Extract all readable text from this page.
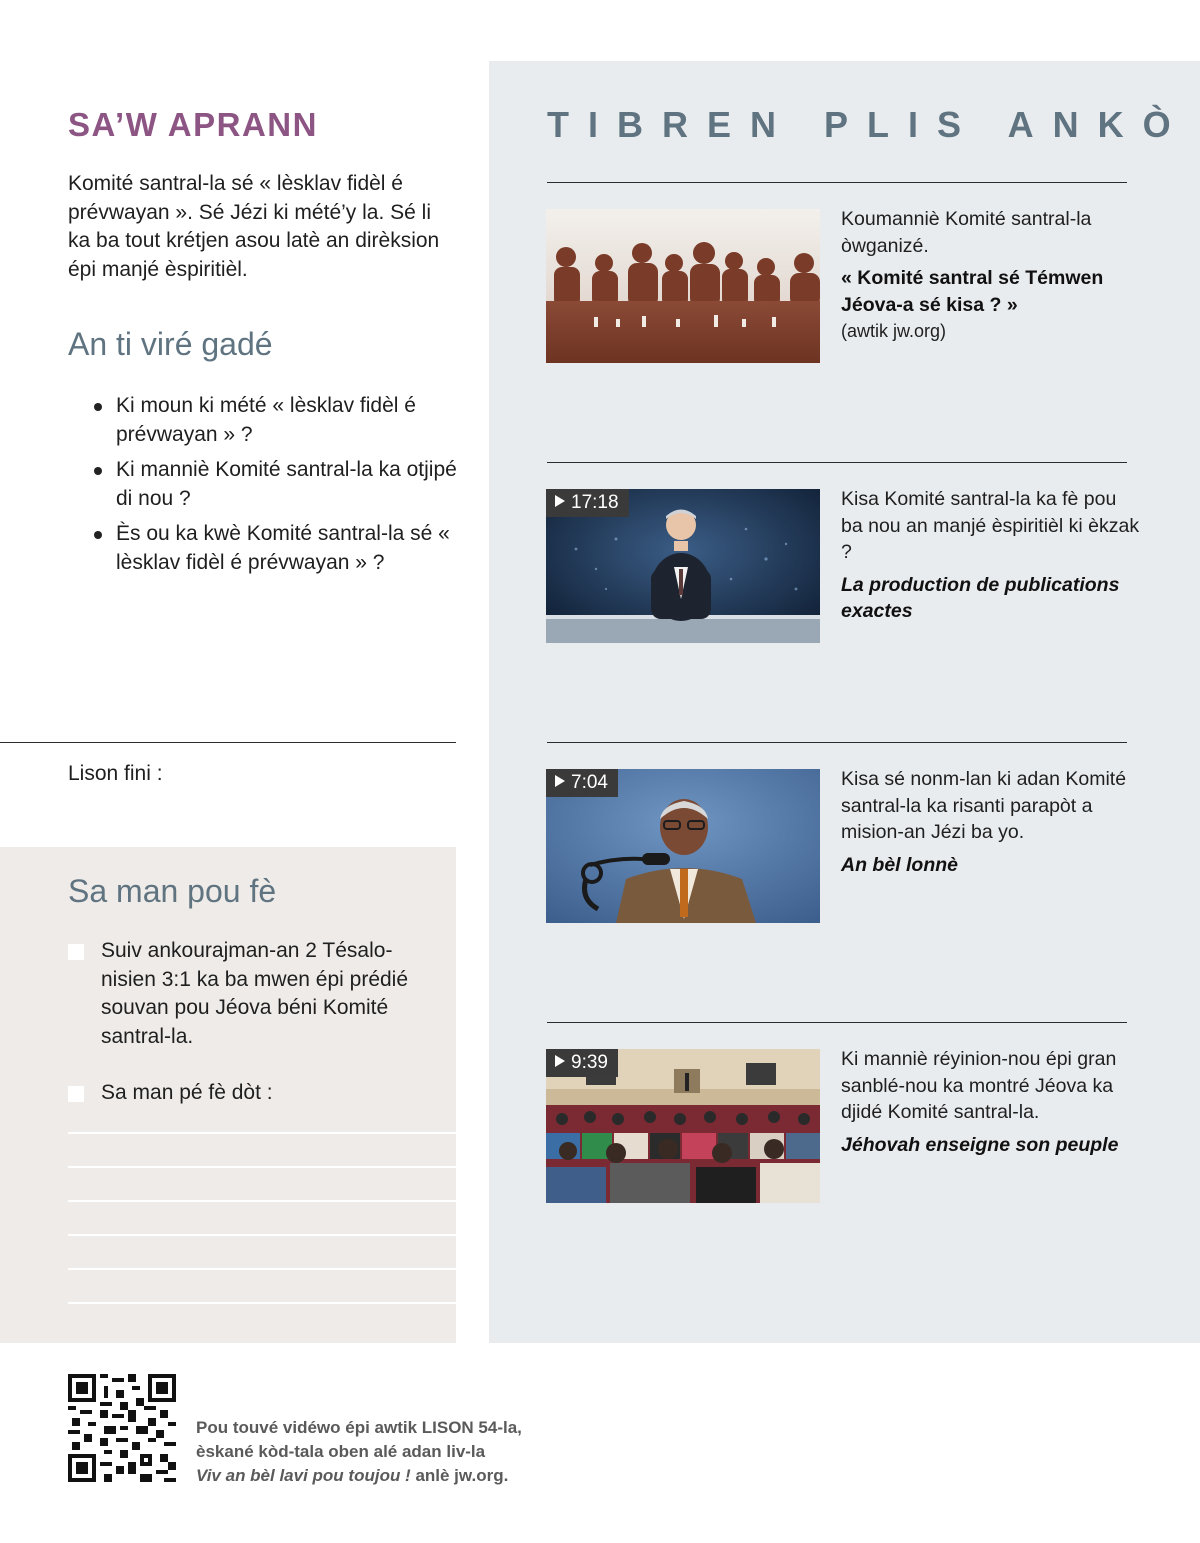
TIBREN PLIS ANKÒ
Koumanniè Komité santral-la òwganizé.
« Komité santral sé Témwen Jéova-a sé kisa ? »
(awtik jw.org)
17:18	Kisa Komité santral-la ka fè pou ba nou an manjé èspiritièl ki èkzak ?
La production de publications exactes
7:04	Kisa sé nonm-lan ki adan Komité santral-la ka risanti parapòt a mision-an Jézi ba yo.
An bèl lonnè
9:39	Ki manniè réyinion-nou épi gran sanblé-nou ka montré Jéova ka djidé Komité santral-la.
Jéhovah enseigne son peuple
SA’W APRANN
Komité santral-la sé « lèsklav fidèl é prévwayan ». Sé Jézi ki mété’y la. Sé li ka ba tout krétjen asou latè an dirèksion épi manjé èspiritièl.
An ti viré gadé
Ki moun ki mété « lèsklav fidèl é prévwayan » ?
Ki manniè Komité santral-la ka otjipé di nou ?
Ès ou ka kwè Komité santral-la sé « lèsklav fidèl é prévwayan » ?
Lison fini :
Sa man pou fè
Suiv ankourajman-an 2 Tésalonisien 3:1 ka ba mwen épi prédié souvan pou Jéova béni Komité santral-la.
Sa man pé fè dòt :
Pou touvé vidéwo épi awtik LISON 54-la,
èskané kòd-tala oben alé adan liv-la
Viv an bèl lavi pou toujou ! anlè jw.org.
